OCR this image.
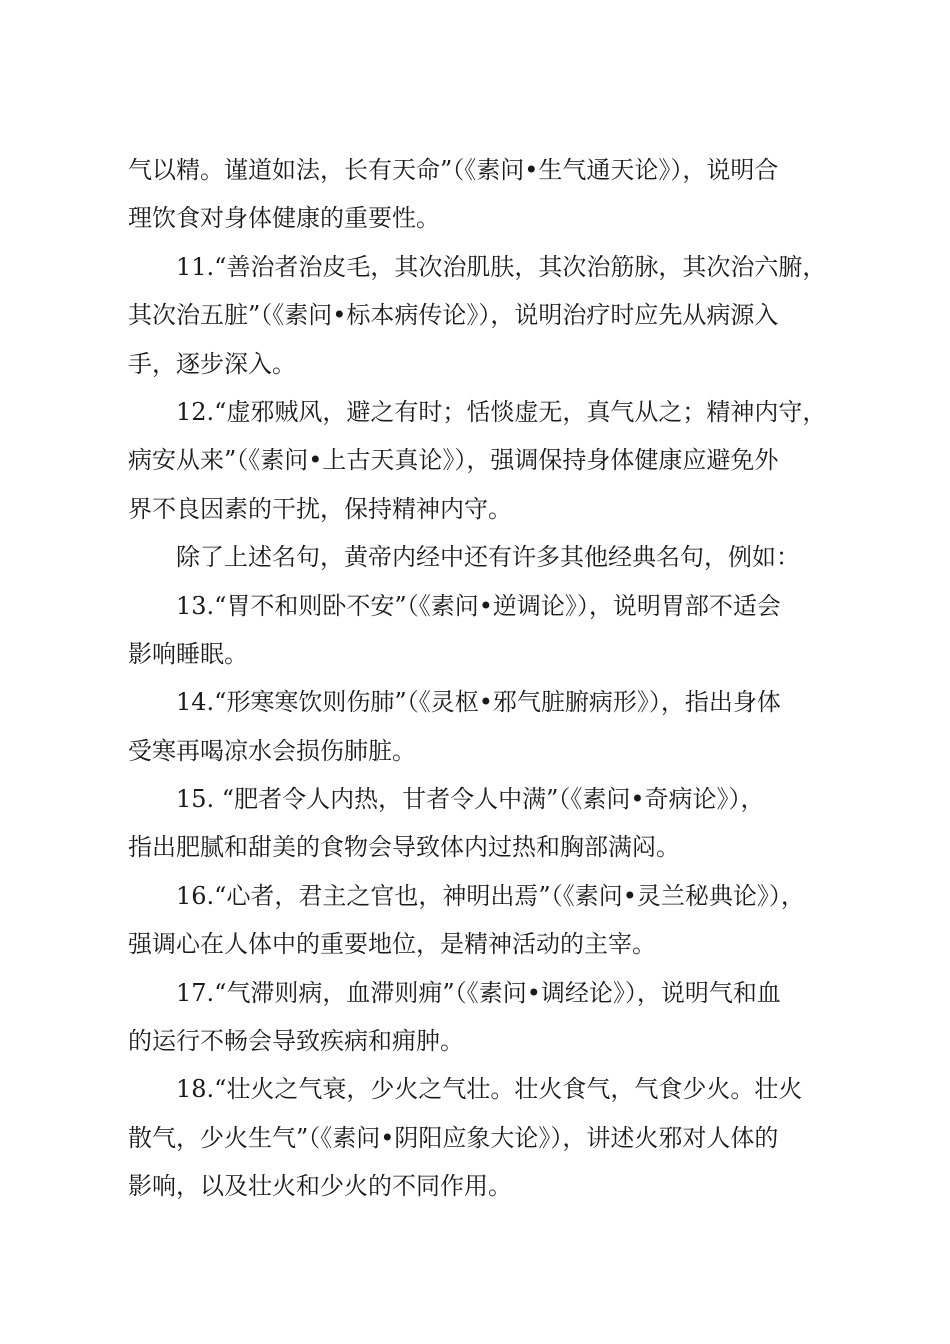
气以精。谨道如法，长有天命”（《素问•生气通天论》），说明合
理饮食对身体健康的重要性。
11.“善治者治皮毛，其次治肌肤，其次治筋脉，其次治六腑，
其次治五脏”（《素问•标本病传论》），说明治疗时应先从病源入
手，逐步深入。
12.“虚邪贼风，避之有时；恬惔虚无，真气从之；精神内守，
病安从来”（《素问•上古天真论》），强调保持身体健康应避免外
界不良因素的干扰，保持精神内守。
除了上述名句，黄帝内经中还有许多其他经典名句，例如：
13.“胃不和则卧不安”（《素问•逆调论》），说明胃部不适会
影响睡眠。
14.“形寒寒饮则伤肺”（《灵枢•邪气脏腑病形》），指出身体
受寒再喝凉水会损伤肺脏。
15. “肥者令人内热，甘者令人中满”（《素问•奇病论》），
指出肥腻和甜美的食物会导致体内过热和胸部满闷。
16.“心者，君主之官也，神明出焉”（《素问•灵兰秘典论》），
强调心在人体中的重要地位，是精神活动的主宰。
17.“气滞则病，血滞则痈”（《素问•调经论》），说明气和血
的运行不畅会导致疾病和痈肿。
18.“壮火之气衰，少火之气壮。壮火食气，气食少火。壮火
散气，少火生气”（《素问•阴阳应象大论》），讲述火邪对人体的
影响，以及壮火和少火的不同作用。
